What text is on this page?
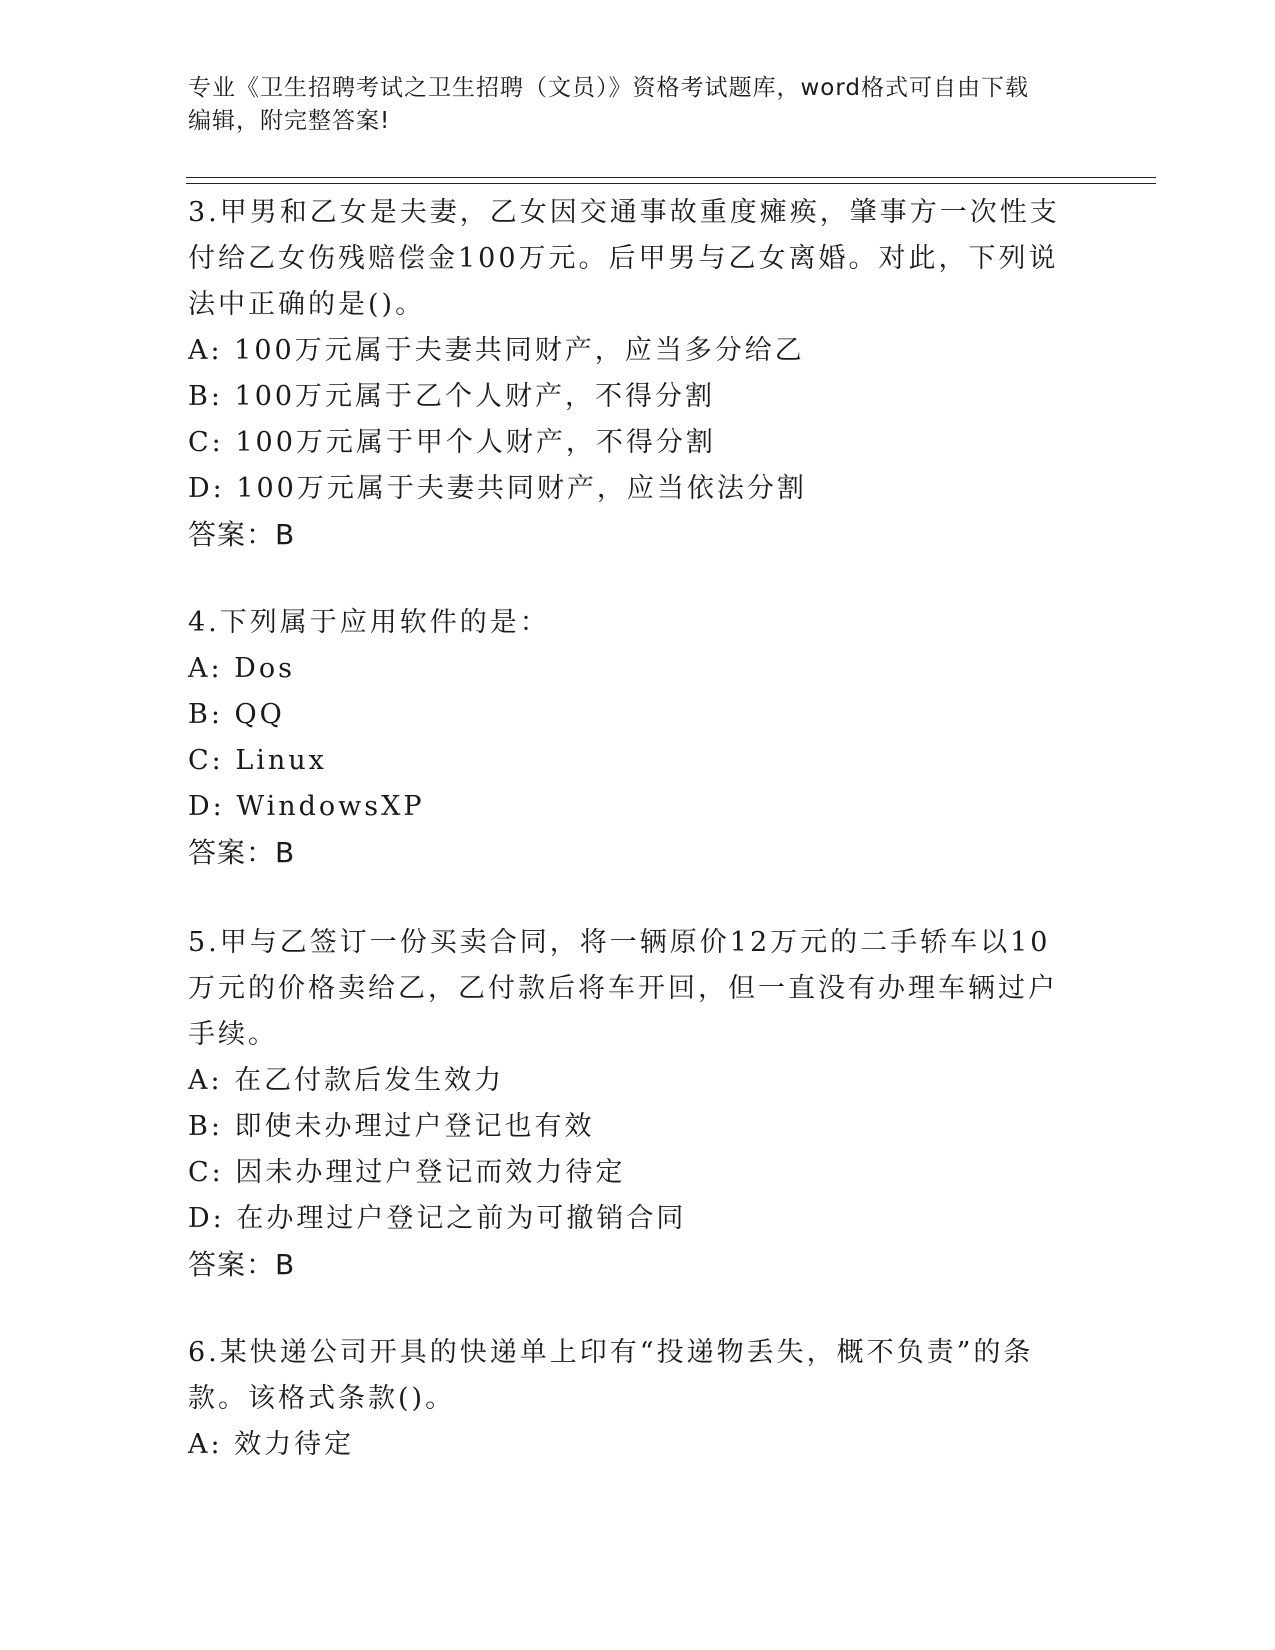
专业《卫生招聘考试之卫生招聘（文员）》资格考试题库，word格式可自由下载
编辑，附完整答案!
3.甲男和乙女是夫妻，乙女因交通事故重度瘫痪，肇事方一次性支付给乙女伤残赔偿金100万元。后甲男与乙女离婚。对此，下列说法中正确的是()。
A: 100万元属于夫妻共同财产，应当多分给乙
B: 100万元属于乙个人财产，不得分割
C: 100万元属于甲个人财产，不得分割
D: 100万元属于夫妻共同财产，应当依法分割
答案：B
4.下列属于应用软件的是：
A: Dos
B: QQ
C: Linux
D: WindowsXP
答案：B
5.甲与乙签订一份买卖合同，将一辆原价12万元的二手轿车以10万元的价格卖给乙，乙付款后将车开回，但一直没有办理车辆过户手续。
A: 在乙付款后发生效力
B: 即使未办理过户登记也有效
C: 因未办理过户登记而效力待定
D: 在办理过户登记之前为可撤销合同
答案：B
6.某快递公司开具的快递单上印有“投递物丢失，概不负责”的条款。该格式条款()。
A: 效力待定
